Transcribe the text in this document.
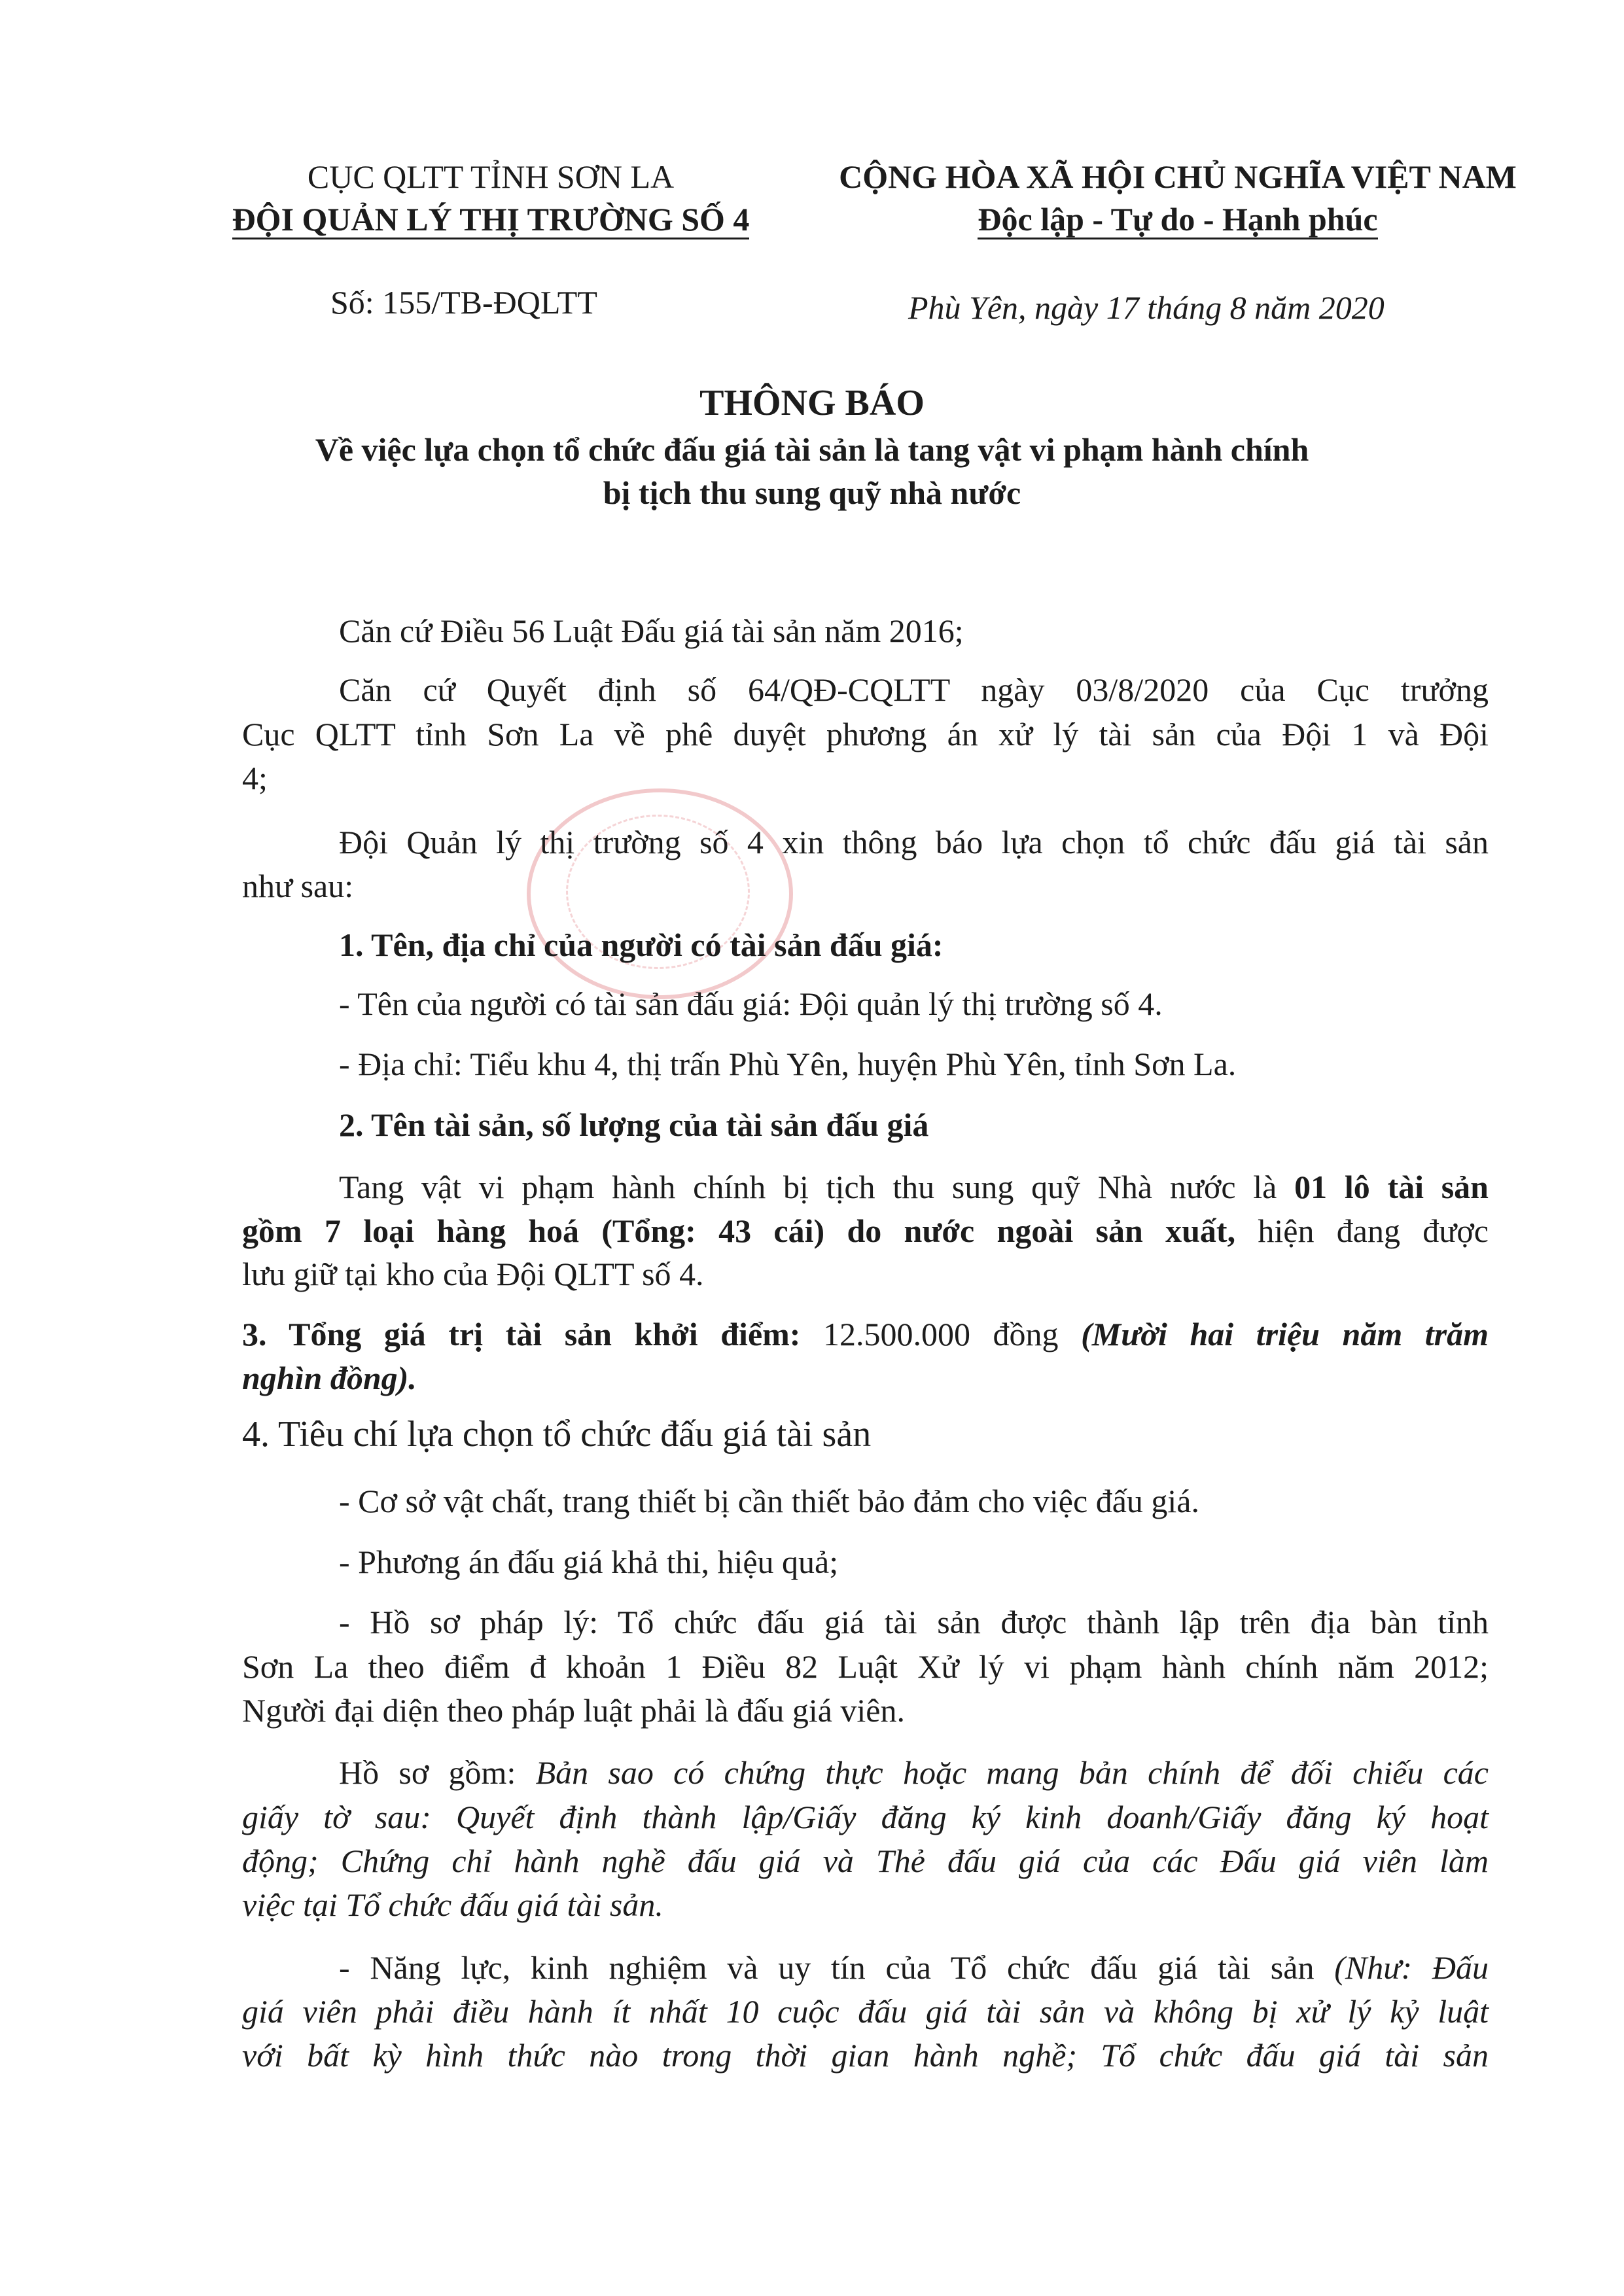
CỤC QLTT TỈNH SƠN LA
ĐỘI QUẢN LÝ THỊ TRƯỜNG SỐ 4
CỘNG HÒA XÃ HỘI CHỦ NGHĨA VIỆT NAM
Độc lập - Tự do - Hạnh phúc
Số: 155/TB-ĐQLTT	Phù Yên, ngày 17 tháng 8 năm 2020
THÔNG BÁO
Về việc lựa chọn tổ chức đấu giá tài sản là tang vật vi phạm hành chính
bị tịch thu sung quỹ nhà nước
Căn cứ Điều 56 Luật Đấu giá tài sản năm 2016;
Căn cứ Quyết định số 64/QĐ-CQLTT ngày 03/8/2020 của Cục trưởng
Cục QLTT tỉnh Sơn La về phê duyệt phương án xử lý tài sản của Đội 1 và Đội
4;
Đội Quản lý thị trường số 4 xin thông báo lựa chọn tổ chức đấu giá tài sản
như sau:
1. Tên, địa chỉ của người có tài sản đấu giá:
- Tên của người có tài sản đấu giá: Đội quản lý thị trường số 4.
- Địa chỉ: Tiểu khu 4, thị trấn Phù Yên, huyện Phù Yên, tỉnh Sơn La.
2. Tên tài sản, số lượng của tài sản đấu giá
Tang vật vi phạm hành chính bị tịch thu sung quỹ Nhà nước là 01 lô tài sản
gồm 7 loại hàng hoá (Tổng: 43 cái) do nước ngoài sản xuất, hiện đang được
lưu giữ tại kho của Đội QLTT số 4.
3. Tổng giá trị tài sản khởi điểm: 12.500.000 đồng (Mười hai triệu năm trăm
nghìn đồng).
4. Tiêu chí lựa chọn tổ chức đấu giá tài sản
- Cơ sở vật chất, trang thiết bị cần thiết bảo đảm cho việc đấu giá.
- Phương án đấu giá khả thi, hiệu quả;
- Hồ sơ pháp lý: Tổ chức đấu giá tài sản được thành lập trên địa bàn tỉnh
Sơn La theo điểm đ khoản 1 Điều 82 Luật Xử lý vi phạm hành chính năm 2012;
Người đại diện theo pháp luật phải là đấu giá viên.
Hồ sơ gồm: Bản sao có chứng thực hoặc mang bản chính để đối chiếu các
giấy tờ sau: Quyết định thành lập/Giấy đăng ký kinh doanh/Giấy đăng ký hoạt
động; Chứng chỉ hành nghề đấu giá và Thẻ đấu giá của các Đấu giá viên làm
việc tại Tổ chức đấu giá tài sản.
- Năng lực, kinh nghiệm và uy tín của Tổ chức đấu giá tài sản (Như: Đấu
giá viên phải điều hành ít nhất 10 cuộc đấu giá tài sản và không bị xử lý kỷ luật
với bất kỳ hình thức nào trong thời gian hành nghề; Tổ chức đấu giá tài sản
